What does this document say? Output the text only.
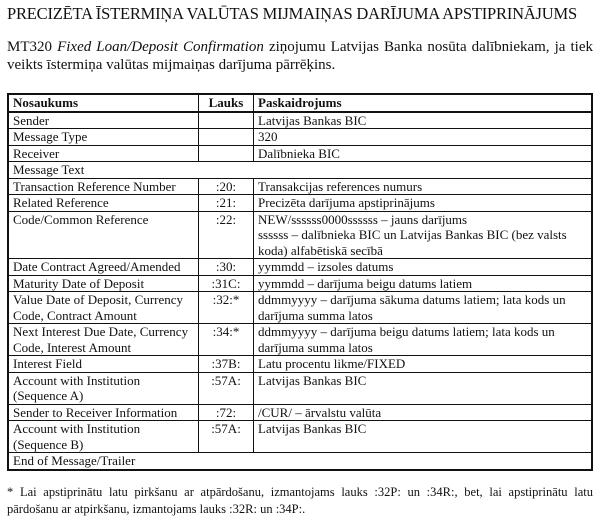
PRECIZĒTA ĪSTERMIŅA VALŪTAS MIJMAIŅAS DARĪJUMA APSTIPRINĀJUMS
MT320 Fixed Loan/Deposit Confirmation ziņojumu Latvijas Banka nosūta dalībniekam, ja tiek veikts īstermiņa valūtas mijmaiņas darījuma pārrēķins.
Nosaukums	Lauks	Paskaidrojums
Sender		Latvijas Bankas BIC

Message Type		320

Receiver		Dalībnieka BIC

Message Text		
Transaction Reference Number	:20:	Transakcijas references numurs

Related Reference	:21:	Precizēta darījuma apstiprinājums

Code/Common Reference	:22:	NEW/ssssss0000ssssss – jauns darījums
ssssss – dalībnieka BIC un Latvijas Bankas BIC (bez valsts koda) alfabētiskā secībā

Date Contract Agreed/Amended	:30:	yymmdd – izsoles datums

Maturity Date of Deposit	:31C:	yymmdd – darījuma beigu datums latiem

Value Date of Deposit, Currency Code, Contract Amount	:32:*	ddmmyyyy – darījuma sākuma datums latiem; lata kods un darījuma summa latos

Next Interest Due Date, Currency Code, Interest Amount	:34:*	ddmmyyyy – darījuma beigu datums latiem; lata kods un darījuma summa latos

Interest Field	:37B:	Latu procentu likme/FIXED

Account with Institution (Sequence A)	:57A:	Latvijas Bankas BIC

Sender to Receiver Information	:72:	/CUR/ – ārvalstu valūta

Account with Institution (Sequence B)	:57A:	Latvijas Bankas BIC

End of Message/Trailer		
* Lai apstiprinātu latu pirkšanu ar atpārdošanu, izmantojams lauks :32P: un :34R:, bet, lai apstiprinātu latu pārdošanu ar atpirkšanu, izmantojams lauks :32R: un :34P:.
